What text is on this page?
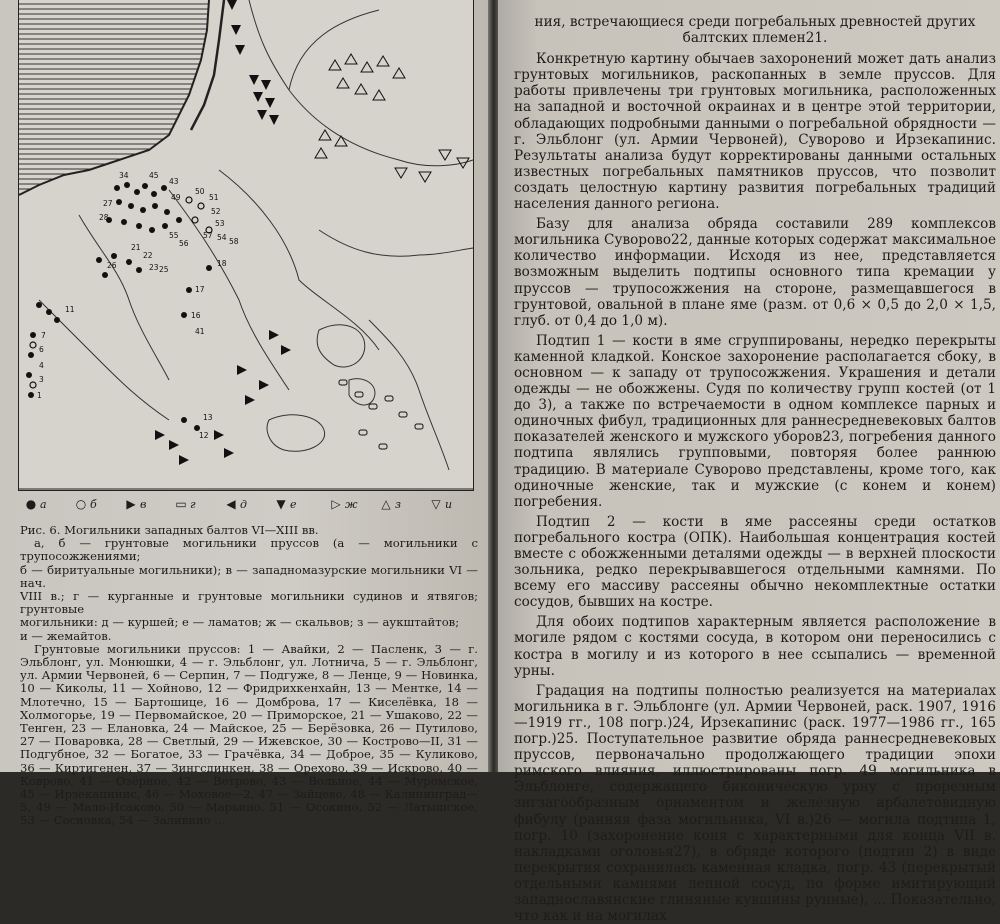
34	45
43
49
50
51
52
53
54
55
56
57
58
27
28
21
22
23 25
26
17
18
16
41
11
7
6
4
3
1
12
13
● а ○ б ▶ в ▭ г	◀ д ▼ е	▷ ж △ з	▽ и

Рис. 6. Могильники западных балтов VI—XIII вв.

а, б — грунтовые могильники пруссов (а — могильники с трупосожжениями;

б — биритуальные могильники); в — западномазурские могильники VI — нач.

VIII в.; г — курганные и грунтовые могильники судинов и ятвягов; грунтовые

могильники: д — куршей; е — ламатов; ж — скальвов; з — аукштайтов;

и — жемайтов.

Грунтовые могильники пруссов: 1 — Авайки, 2 — Пасленк, 3 — г. Эльблонг, ул. Монюшки, 4 — г. Эльблонг, ул. Лотнича, 5 — г. Эльблонг, ул. Армии Червоней, 6 — Серпин, 7 — Подгуже, 8 — Ленце, 9 — Новинка, 10 — Киколы, 11 — Хойново, 12 — Фридрихкенхайн, 13 — Ментке, 14 — Млотечно, 15 — Бартошице, 16 — Домброва, 17 — Киселёвка, 18 — Холмогорье, 19 — Первомайское, 20 — Приморское, 21 — Ушакoво, 22 — Тенген, 23 — Елановка, 24 — Майское, 25 — Берёзовка, 26 — Путилово, 27 — Поваровка, 28 — Светлый, 29 — Ижевское, 30 — Кострово—II, 31 — Подгубное, 32 — Богатое, 33 — Грачёвка, 34 — Доброе, 35 — Куликово, 36 — Киртигенен, 37 — Зингсдинкен, 38 — Орехово, 39 — Искрово, 40 — Ковровo, 41 — Озёрное, 42 — Ветрово, 43 — Вольное, 44 — Муромское, 45 — Ирзекапинис, 46 — Моховое—2, 47 — Зайцево, 48 — Калининград—5, 49 — Мало-Исаково, 50 — Марьино, 51 — Осокино, 52 — Латышское, 53 — Сосновка, 54 — Заливино ...

ния, встречающиеся среди погребальных древностей других балтских племен21.

Конкретную картину обычаев захоронений может дать анализ грунтовых могильников, раскопанных в земле пруссов. Для работы привлечены три грунтовых могильника, расположенных на западной и восточной окраинах и в центре этой территории, обладающих подробными данными о погребальной обрядности — г. Эльблонг (ул. Армии Червоней), Суворово и Ирзекапинис. Результаты анализа будут корректированы данными остальных известных погребальных памятников пруссов, что позволит создать целостную картину развития погребальных традиций населения данного региона.

Базу для анализа обряда составили 289 комплексов могильника Суворово22, данные которых содержат максимальное количество информации. Исходя из нее, представляется возможным выделить подтипы основного типа кремации у пруссов — трупосожжения на стороне, размещавшегося в грунтовой, овальной в плане яме (разм. от 0,6 × 0,5 до 2,0 × 1,5, глуб. от 0,4 до 1,0 м).

Подтип 1 — кости в яме сгруппированы, нередко перекрыты каменной кладкой. Конское захоронение располагается сбоку, в основном — к западу от трупосожжения. Украшения и детали одежды — не обожжены. Судя по количеству групп костей (от 1 до 3), а также по встречаемости в одном комплексе парных и одиночных фибул, традиционных для раннесредневековых балтов показателей женского и мужского уборов23, погребения данного подтипа являлись групповыми, повторяя более раннюю традицию. В материале Суворово представлены, кроме того, как одиночные женские, так и мужские (с конем и конем) погребения.

Подтип 2 — кости в яме рассеяны среди остатков погребального костра (ОПК). Наибольшая концентрация костей вместе с обожженными деталями одежды — в верхней плоскости зольника, редко перекрывавшегося отдельными камнями. По всему его массиву рассеяны обычно некомплектные остатки сосудов, бывших на костре.

Для обоих подтипов характерным является расположение в могиле рядом с костями сосуда, в котором они переносились с костра в могилу и из которого в нее ссыпались — временной урны.

Градация на подтипы полностью реализуется на материалах могильника в г. Эльблонге (ул. Армии Червоней, раск. 1907, 1916—1919 гг., 108 погр.)24, Ирзекапинис (раск. 1977—1986 гг., 165 погр.)25. Поступательное развитие обряда раннесредневековых пруссов, первоначально продолжающего традиции эпохи римского влияния, иллюстрированы погр. 49 могильника в Эльблонге, содержащего биконическую урну с прорезным зигзагообразным орнаментом и железную арбалетовидную фибулу (ранняя фаза могильника, VI в.)26 — могила подтипа 1, погр. 10 (захоронение коня с характерными для конца VII в. накладками оголовья27), в обряде которого (подтип 2) в виде перекрытия сохранилась каменная кладка, погр. 43 (перекрытый отдельными камнями лепной сосуд, по форме имитирующий западнославянские глиняные кувшины рунные), ... Показательно, что как и на могилах
